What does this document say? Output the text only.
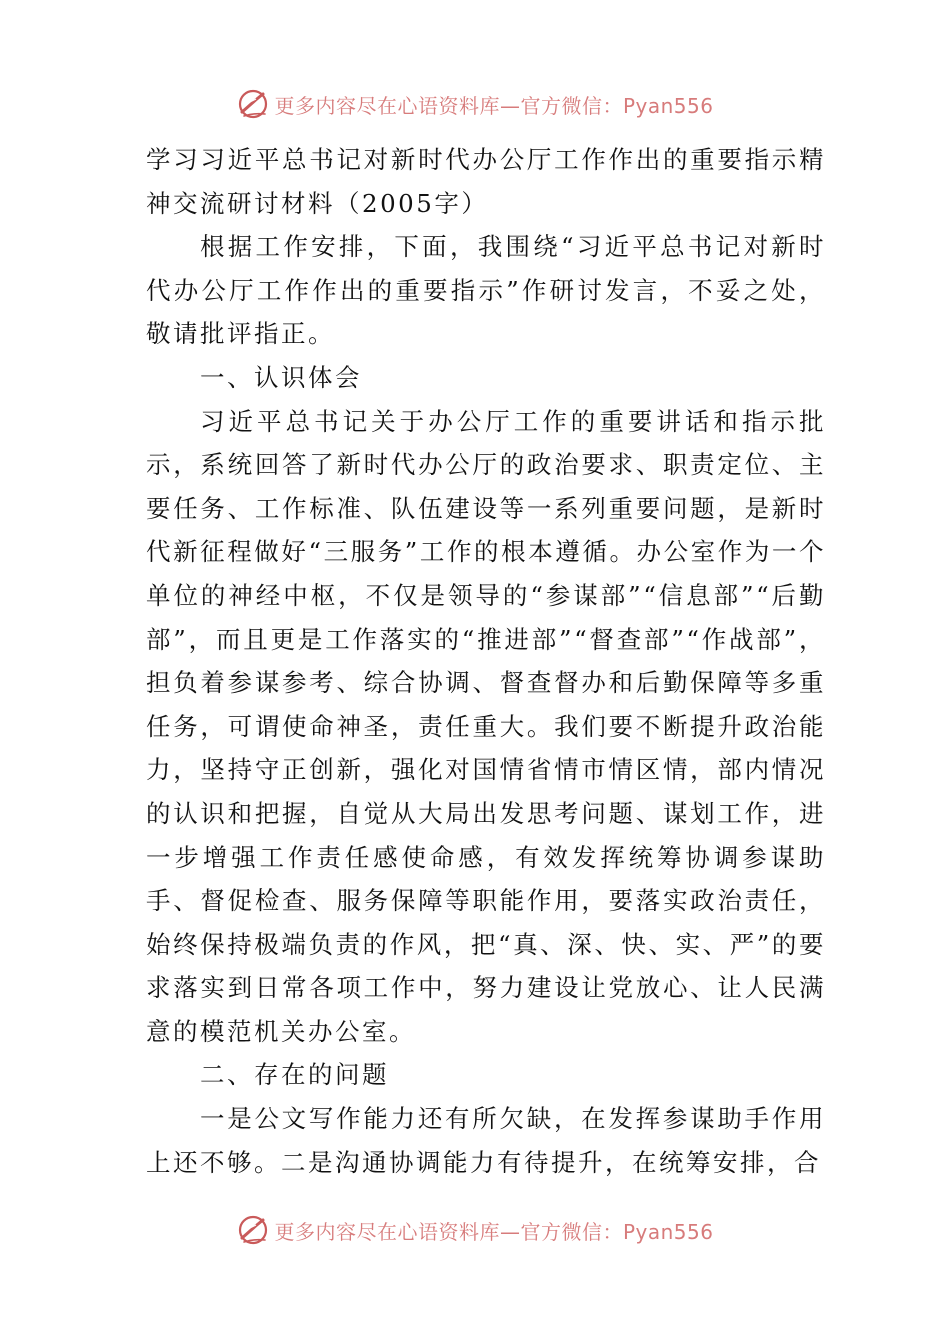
更多内容尽在心语资料库—官方微信：Pyan556

学习习近平总书记对新时代办公厅工作作出的重要指示精神交流研讨材料（2005字）

根据工作安排，下面，我围绕“习近平总书记对新时代办公厅工作作出的重要指示”作研讨发言，不妥之处，敬请批评指正。

一、认识体会

习近平总书记关于办公厅工作的重要讲话和指示批示，系统回答了新时代办公厅的政治要求、职责定位、主要任务、工作标准、队伍建设等一系列重要问题，是新时代新征程做好“三服务”工作的根本遵循。办公室作为一个单位的神经中枢，不仅是领导的“参谋部”“信息部”“后勤部”，而且更是工作落实的“推进部”“督查部”“作战部”，担负着参谋参考、综合协调、督查督办和后勤保障等多重任务，可谓使命神圣，责任重大。我们要不断提升政治能力，坚持守正创新，强化对国情省情市情区情，部内情况的认识和把握，自觉从大局出发思考问题、谋划工作，进一步增强工作责任感使命感，有效发挥统筹协调参谋助手、督促检查、服务保障等职能作用，要落实政治责任，始终保持极端负责的作风，把“真、深、快、实、严”的要求落实到日常各项工作中，努力建设让党放心、让人民满意的模范机关办公室。

二、存在的问题

一是公文写作能力还有所欠缺，在发挥参谋助手作用上还不够。二是沟通协调能力有待提升，在统筹安排，合

更多内容尽在心语资料库—官方微信：Pyan556
